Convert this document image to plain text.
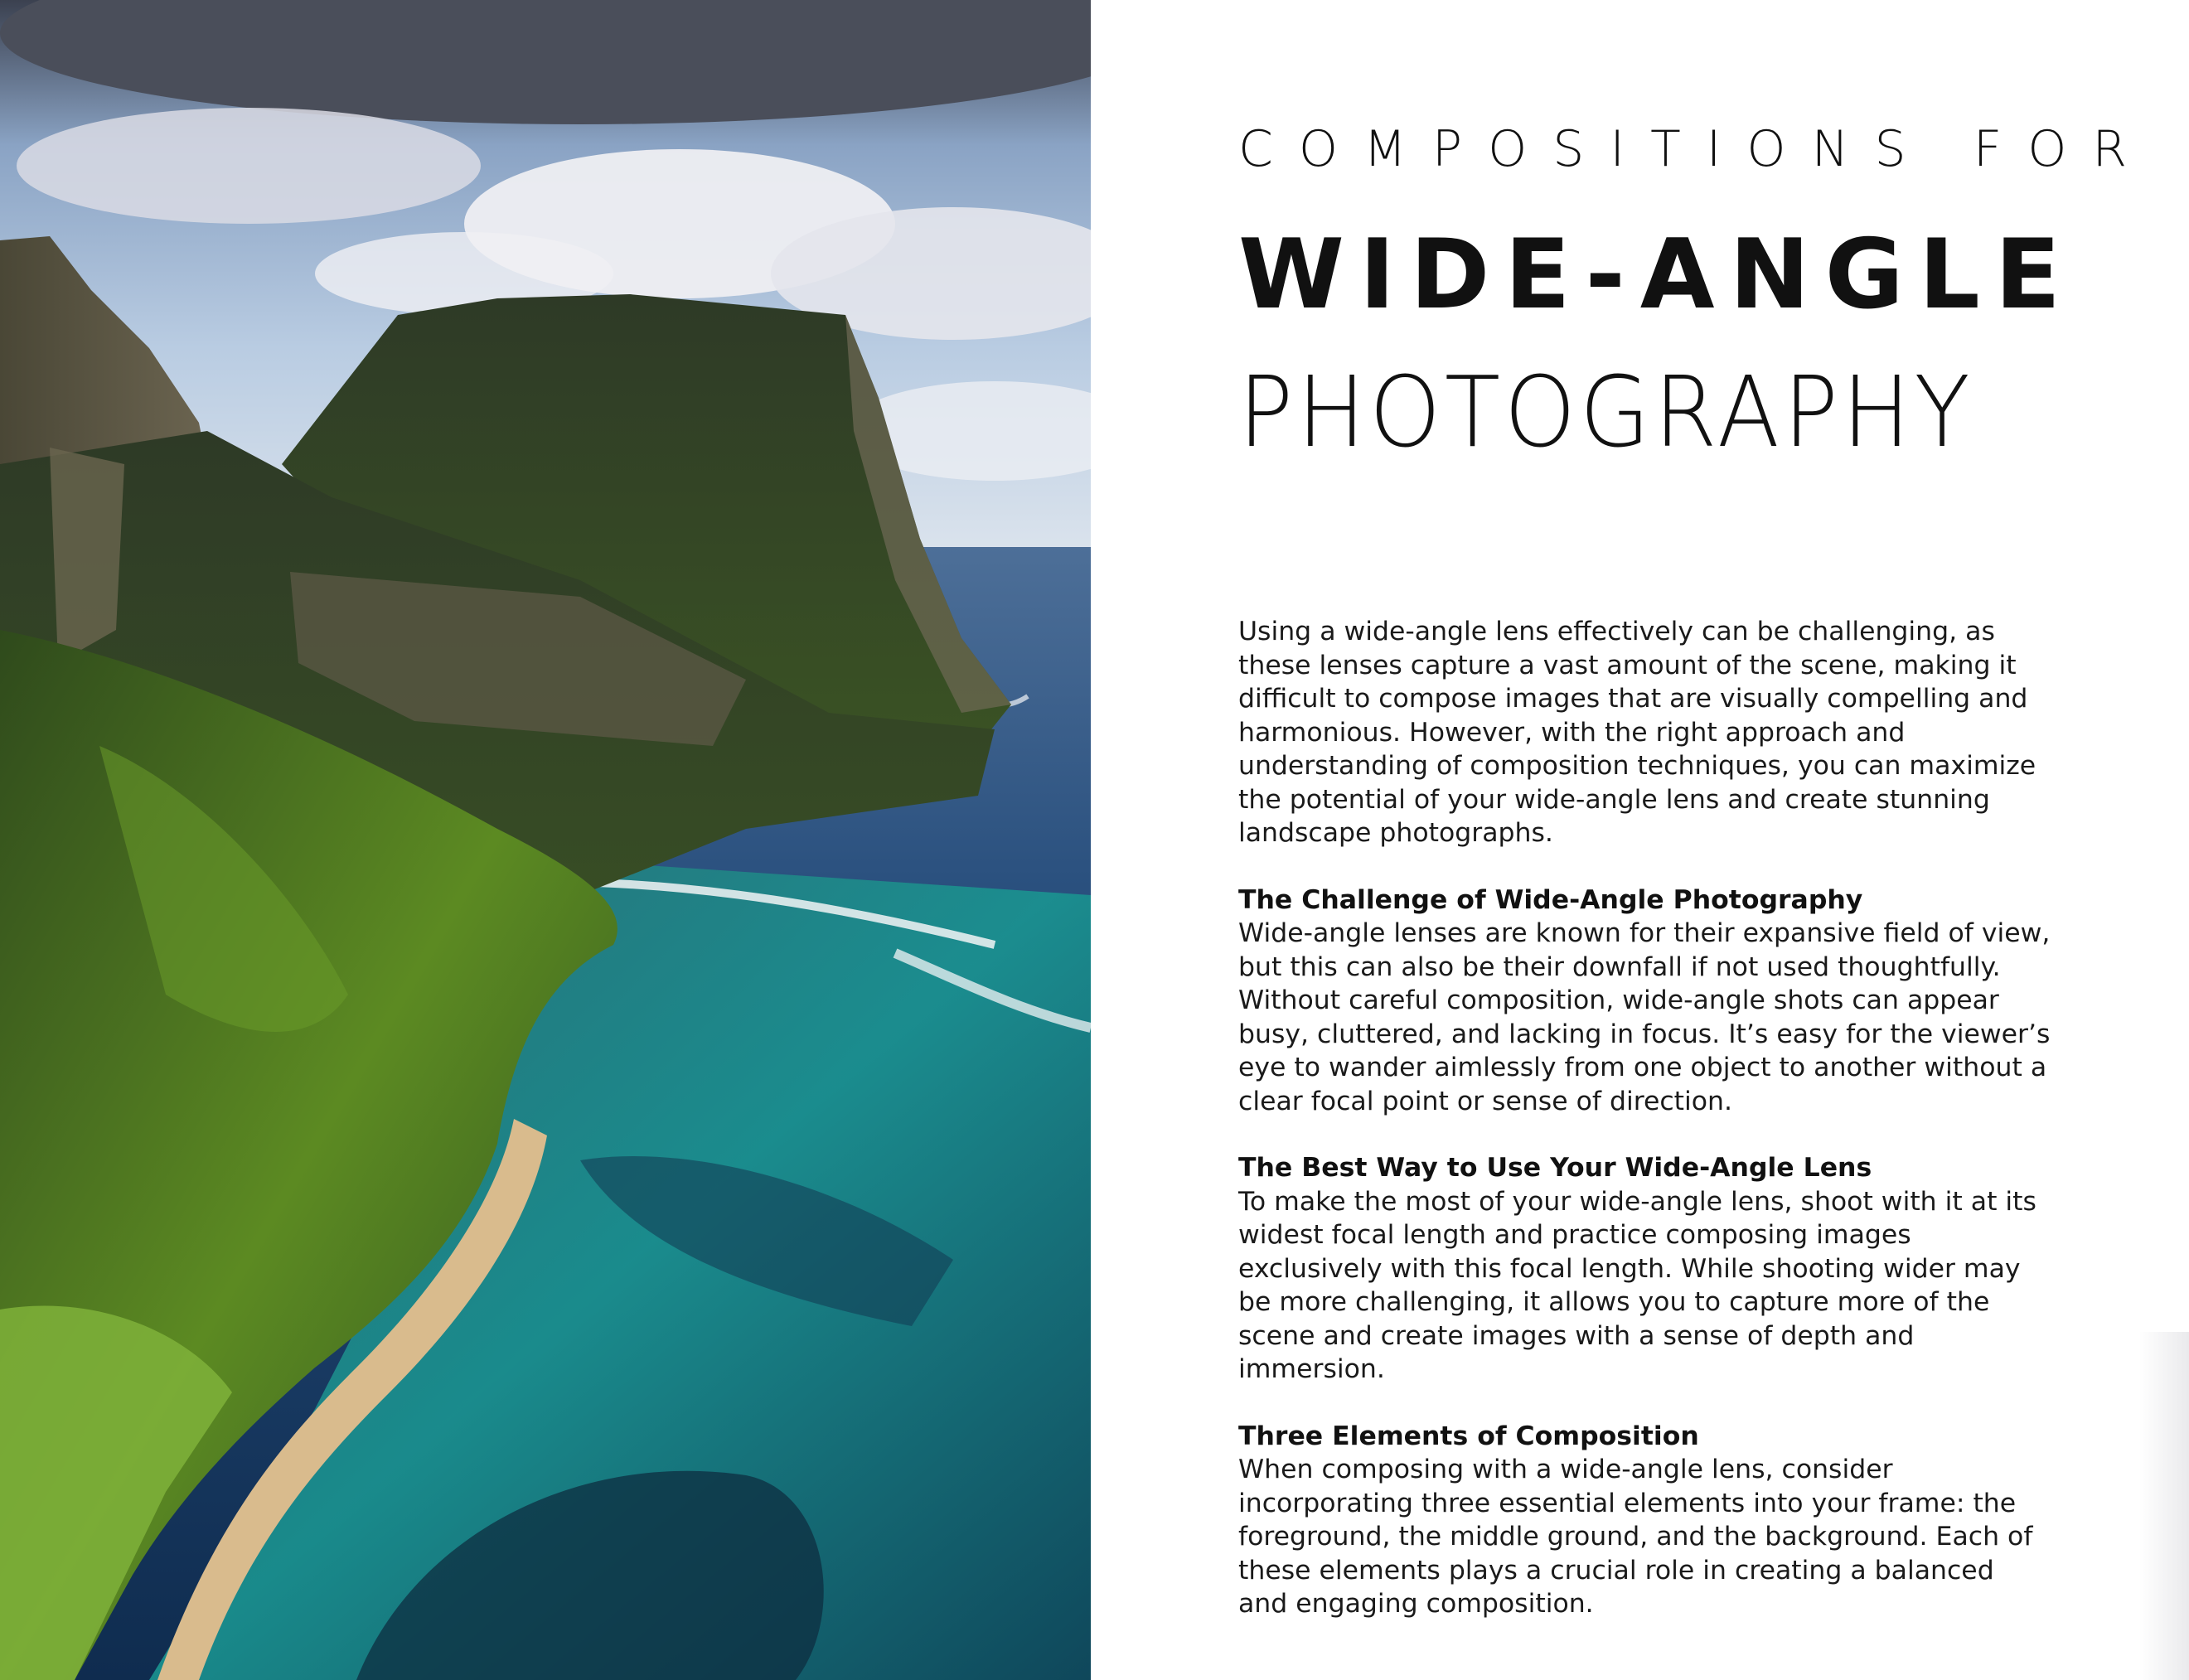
COMPOSITIONS FOR
WIDE-ANGLE
PHOTOGRAPHY

Using a wide-angle lens effectively can be challenging, as these lenses capture a vast amount of the scene, making it difficult to compose images that are visually compelling and harmonious. However, with the right approach and understanding of composition techniques, you can maximize the potential of your wide-angle lens and create stunning landscape photographs.

The Challenge of Wide-Angle Photography

Wide-angle lenses are known for their expansive field of view, but this can also be their downfall if not used thoughtfully. Without careful composition, wide-angle shots can appear busy, cluttered, and lacking in focus. It’s easy for the viewer’s eye to wander aimlessly from one object to another without a clear focal point or sense of direction.

The Best Way to Use Your Wide-Angle Lens

To make the most of your wide-angle lens, shoot with it at its widest focal length and practice composing images exclusively with this focal length. While shooting wider may be more challenging, it allows you to capture more of the scene and create images with a sense of depth and immersion.

Three Elements of Composition

When composing with a wide-angle lens, consider incorporating three essential elements into your frame: the foreground, the middle ground, and the background. Each of these elements plays a crucial role in creating a balanced and engaging composition.
